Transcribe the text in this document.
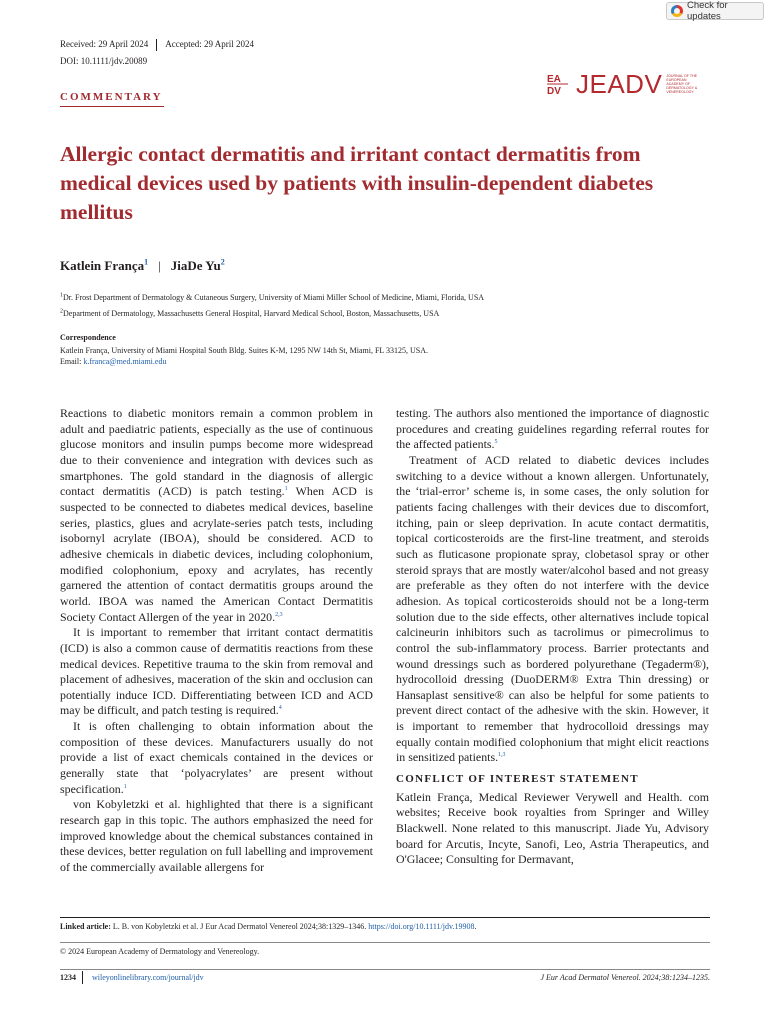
Check for updates
Received: 29 April 2024 Accepted: 29 April 2024
DOI: 10.1111/jdv.20089
COMMENTARY
EA
DV JEADV JOURNAL OF THE EUROPEAN ACADEMY OF DERMATOLOGY & VENEREOLOGY
Allergic contact dermatitis and irritant contact dermatitis from medical devices used by patients with insulin-dependent diabetes mellitus
Katlein França$^1$ | JiaDe Yu$^2$
$^1$Dr. Frost Department of Dermatology & Cutaneous Surgery, University of Miami Miller School of Medicine, Miami, Florida, USA
$^2$Department of Dermatology, Massachusetts General Hospital, Harvard Medical School, Boston, Massachusetts, USA
Correspondence
Katlein França, University of Miami Hospital South Bldg. Suites K-M, 1295 NW 14th St, Miami, FL 33125, USA.
Email: k.franca@med.miami.edu

Reactions to diabetic monitors remain a common problem in adult and paediatric patients, especially as the use of continuous glucose monitors and insulin pumps become more widespread due to their convenience and integration with devices such as smartphones. The gold standard in the diagnosis of allergic contact dermatitis (ACD) is patch testing.$^1$ When ACD is suspected to be connected to diabetes medical devices, baseline series, plastics, glues and acrylate-series patch tests, including isobornyl acrylate (IBOA), should be considered. ACD to adhesive chemicals in diabetic devices, including colophonium, modified colophonium, epoxy and acrylates, has recently garnered the attention of contact dermatitis groups around the world. IBOA was named the American Contact Dermatitis Society Contact Allergen of the year in 2020.$^{2,3}$

It is important to remember that irritant contact dermatitis (ICD) is also a common cause of dermatitis reactions from these medical devices. Repetitive trauma to the skin from removal and placement of adhesives, maceration of the skin and occlusion can potentially induce ICD. Differentiating between ICD and ACD may be difficult, and patch testing is required.$^4$

It is often challenging to obtain information about the composition of these devices. Manufacturers usually do not provide a list of exact chemicals contained in the devices or generally state that ‘polyacrylates’ are present without specification.$^1$

von Kobyletzki et al. highlighted that there is a significant research gap in this topic. The authors emphasized the need for improved knowledge about the chemical substances contained in these devices, better regulation on full labelling and improvement of the commercially available allergens for

testing. The authors also mentioned the importance of diagnostic procedures and creating guidelines regarding referral routes for the affected patients.$^5$

Treatment of ACD related to diabetic devices includes switching to a device without a known allergen. Unfortunately, the ‘trial-error’ scheme is, in some cases, the only solution for patients facing challenges with their devices due to discomfort, itching, pain or sleep deprivation. In acute contact dermatitis, topical corticosteroids are the first-line treatment, and steroids such as fluticasone propionate spray, clobetasol spray or other steroid sprays that are mostly water/alcohol based and not greasy are preferable as they often do not interfere with the device adhesion. As topical corticosteroids should not be a long-term solution due to the side effects, other alternatives include topical calcineurin inhibitors such as tacrolimus or pimecrolimus to control the sub-inflammatory process. Barrier protectants and wound dressings such as bordered polyurethane (Tegaderm®), hydrocolloid dressing (DuoDERM® Extra Thin dressing) or Hansaplast sensitive® can also be helpful for some patients to prevent direct contact of the adhesive with the skin. However, it is important to remember that hydrocolloid dressings may equally contain modified colophonium that might elicit reactions in sensitized patients.$^{1,3}$

CONFLICT OF INTEREST STATEMENT

Katlein França, Medical Reviewer Verywell and Health. com websites; Receive book royalties from Springer and Willey Blackwell. None related to this manuscript. Jiade Yu, Advisory board for Arcutis, Incyte, Sanofi, Leo, Astria Therapeutics, and O'Glacee; Consulting for Dermavant,

Linked article: L. B. von Kobyletzki et al. J Eur Acad Dermatol Venereol 2024;38:1329–1346. https://doi.org/10.1111/jdv.19908.
© 2024 European Academy of Dermatology and Venereology.
1234 wileyonlinelibrary.com/journal/jdv	J Eur Acad Dermatol Venereol. 2024;38:1234–1235.
